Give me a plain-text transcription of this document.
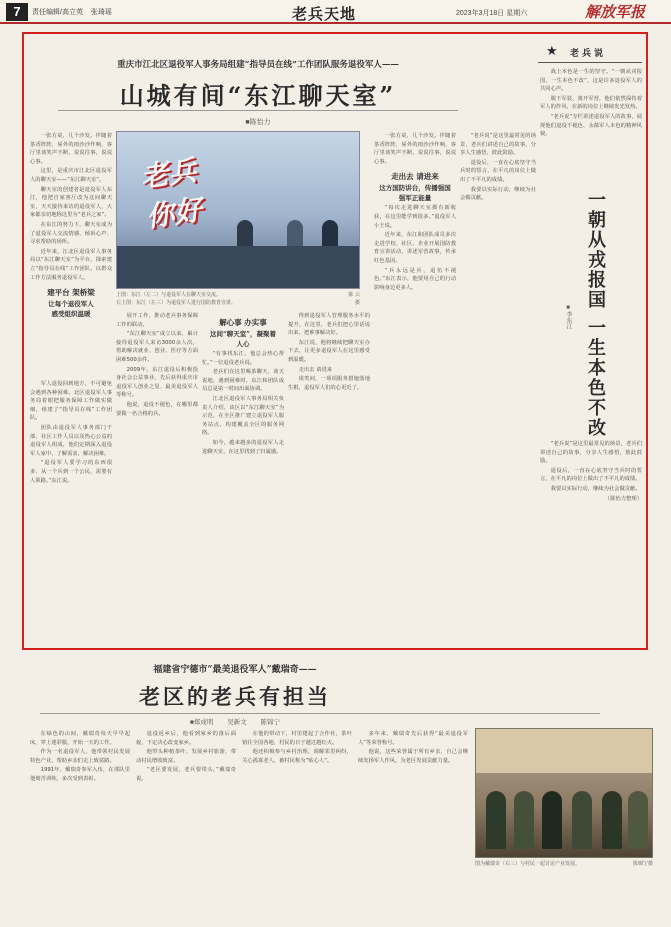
7	责任编辑/高立英 张琦瑶	老兵天地	2023年3月18日 星期六	解放军报
重庆市江北区退役军人事务局组建“指导员在线”工作团队服务退役军人——
山城有间“东江聊天室”
■陈怡力

一张方桌，几个沙发。伴随着茶香阵阵，屋外的雨沙沙作响，客厅里谈笑声不断，说说往事，说说心事。

这里，是重庆市江北区退役军人的聊天室——“东江聊天室”。

聊天室的创建者是退役军人东江，他把自家客厅改为这间聊天室，天天接待来访的退役军人，大家都亲切地称这里为“老兵之家”。

在东江的努力下，聊天室成为了退役军人交流情感、倾诉心声、寻求帮助的场所。

近年来，江北区退役军人事务局以“东江聊天室”为平台，探索建立“指导员在线”工作团队，以群众工作方法服务退役军人。

建平台 架桥梁

让每个退役军人
感受组织温暖

军人退役回到地方，不可避免会遇到各种困难。北区退役军人事务局着眼把服务保障工作做实做细，组建了“指导员在线”工作团队。

团队由退役军人事务部门干部、社区工作人员以及热心公益的退役军人组成，他们定期深入退役军人家中，了解需求，解决困难。

“退役军人要学习的东西很多，从一个兵到一个公民，需要有人领路。”东江说。

展开工作，推动老兵事务保障工作的联动。

“东江聊天室”成立以来，累计接待退役军人来访3000余人次，帮助解决就业、创业、医疗等方面困难500余件。

2009年，东江退役后积极投身社会公益事业，先后获得重庆市退役军人创业之星、最美退役军人等称号。

他说，退役不褪色，在哪里都要做一名合格的兵。

解心事 办实事

这间“聊天室”，凝聚着
人心

“有事找东江，他总会热心帮忙。”一位退役老兵说。

老兵们在这里喝茶聊天，谈天说地，遇到困难时，东江和团队成员总是第一时间出面协调。

江北区退役军人事务局相关负责人介绍，该区以“东江聊天室”为示范，在全区推广建立退役军人服务站点，构建覆盖全区的服务网络。

如今，越来越多的退役军人走进聊天室，在这里找到了归属感。

得到退役军人管理服务水平的提升，在这里，老兵们把心里话说出来，把难事解决好。

东江说，他将继续把聊天室办下去，让更多退役军人在这里感受到温暖。

走出去 请进来

谈笑间，一项项服务措施落地生根，退役军人们的心更近了。

一张方桌，几个沙发。伴随着茶香阵阵，屋外的雨沙沙作响，客厅里谈笑声不断，说说往事，说说心事。

走出去 请进来

这方国防讲台，传播强国
强军正能量

“每次走进聊天室都有新收获，在这里能学到很多。”退役军人小王说。

近年来，东江和团队成员多次走进学校、社区、企业开展国防教育宣讲活动，讲述军营故事，传承红色基因。

“兵永远是兵，退伍不褪色。”东江表示，他要用自己的行动影响身边更多人。

老兵
你好
上图：东江（左二）与退役军人在聊天室交流。
右上图：东江（左三）为退役军人进行国防教育宣讲。
陈 云
摄
★ 老兵说

战士本色是一生的坚守。“一朝从戎报国，一生本色不改”，这是许多退役军人的共同心声。

脱下军装，离开军营，他们依然保持着军人的作风，在新的岗位上继续发光发热。

“老兵说”专栏讲述退役军人的故事，展现他们退役不褪色、永葆军人本色的精神风貌。

一朝从戎报国 一生本色不改
■李东江

“老兵说”是这里最常见的场景，老兵们讲述自己的故事，分享人生感悟，彼此鼓励。

退役后，一直在心底坚守当兵时的誓言，在平凡的岗位上做出了不平凡的成绩。

我要以实际行动，继续为社会做贡献。

“老兵说”是这里最常见的场景，老兵们讲述自己的故事，分享人生感悟，彼此鼓励。

退役后，一直在心底坚守当兵时的誓言，在平凡的岗位上做出了不平凡的成绩。

我要以实际行动，继续为社会做贡献。

（陈怡力整理）

福建省宁德市“最美退役军人”戴瑞奇——
老区的老兵有担当
■郑成明 吴新文 陈锦宁

在绿色的山间，戴瑞奇每天早早起床，穿上迷彩服，开始一天的工作。

作为一名退役军人，他带领村民发展特色产业，帮助乡亲们走上致富路。

1991年，戴瑞奇参军入伍，在部队里他刻苦训练，多次受到表彰。

退役返乡后，他看到家乡的落后面貌，下定决心改变家乡。

他带头种植茶叶、发展乡村旅游，带动村民增收致富。

“老区要发展，老兵要带头。”戴瑞奇说。

在他的带动下，村里建起了合作社，茶叶销往全国各地，村民的日子越过越红火。

他还积极参与乡村治理，调解邻里纠纷，关心孤寡老人，被村民称为“贴心人”。

多年来，戴瑞奇先后获得“最美退役军人”等荣誉称号。

他说，这些荣誉属于所有乡亲，自己会继续发扬军人作风，为老区发展贡献力量。

图为戴瑞奇（右三）与村民一起讨论产业发展。	陈锦宁摄
